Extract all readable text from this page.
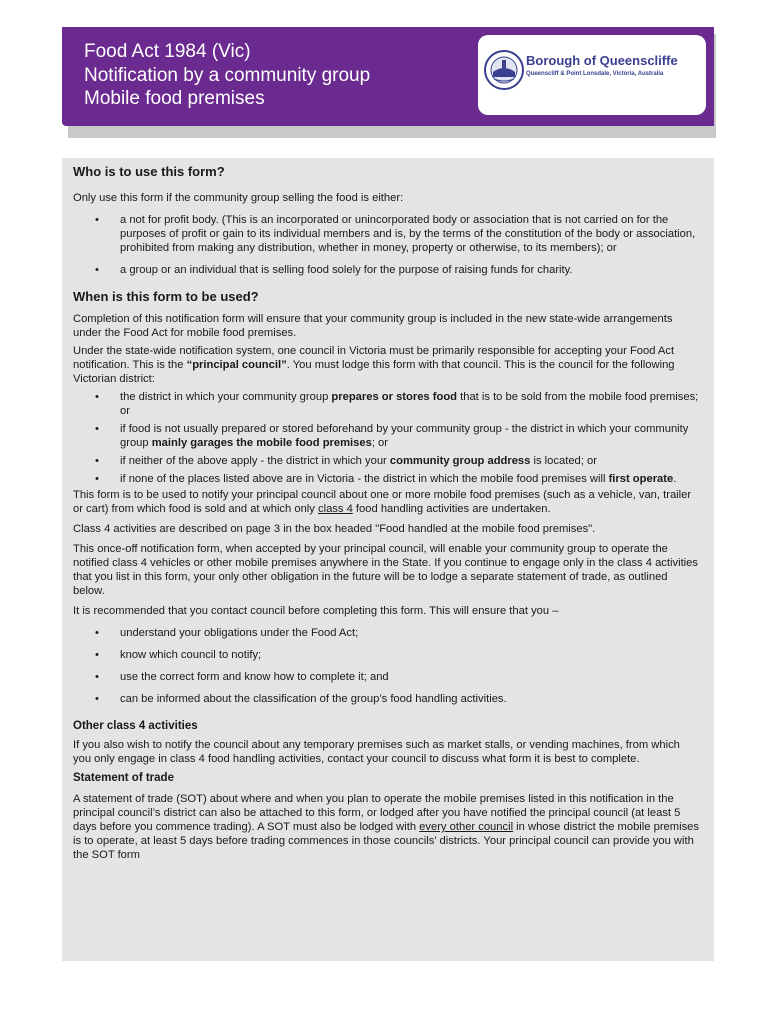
Food Act 1984 (Vic)
Notification by a community group
Mobile food premises
Borough of Queenscliffe
Queenscliff & Point Lonsdale, Victoria, Australia
Who is to use this form?

Only use this form if the community group selling the food is either:

• a not for profit body. (This is an incorporated or unincorporated body or association that is not carried on for the purposes of profit or gain to its individual members and is, by the terms of the constitution of the body or association, prohibited from making any distribution, whether in money, property or otherwise, to its members); or
• a group or an individual that is selling food solely for the purpose of raising funds for charity.
When is this form to be used?

Completion of this notification form will ensure that your community group is included in the new state-wide arrangements under the Food Act for mobile food premises.

Under the state-wide notification system, one council in Victoria must be primarily responsible for accepting your Food Act notification. This is the “principal council”. You must lodge this form with that council. This is the council for the following Victorian district:

• the district in which your community group prepares or stores food that is to be sold from the mobile food premises; or
• if food is not usually prepared or stored beforehand by your community group - the district in which your community group mainly garages the mobile food premises; or
• if neither of the above apply - the district in which your community group address is located; or
• if none of the places listed above are in Victoria - the district in which the mobile food premises will first operate.

This form is to be used to notify your principal council about one or more mobile food premises (such as a vehicle, van, trailer or cart) from which food is sold and at which only class 4 food handling activities are undertaken.

Class 4 activities are described on page 3 in the box headed "Food handled at the mobile food premises".

This once-off notification form, when accepted by your principal council, will enable your community group to operate the notified class 4 vehicles or other mobile premises anywhere in the State. If you continue to engage only in the class 4 activities that you list in this form, your only other obligation in the future will be to lodge a separate statement of trade, as outlined below.

It is recommended that you contact council before completing this form. This will ensure that you –

• understand your obligations under the Food Act;
• know which council to notify;
• use the correct form and know how to complete it; and
• can be informed about the classification of the group’s food handling activities.
Other class 4 activities

If you also wish to notify the council about any temporary premises such as market stalls, or vending machines, from which you only engage in class 4 food handling activities, contact your council to discuss what form it is best to complete.

Statement of trade

A statement of trade (SOT) about where and when you plan to operate the mobile premises listed in this notification in the principal council’s district can also be attached to this form, or lodged after you have notified the principal council (at least 5 days before you commence trading). A SOT must also be lodged with every other council in whose district the mobile premises is to operate, at least 5 days before trading commences in those councils’ districts. Your principal council can provide you with the SOT form
